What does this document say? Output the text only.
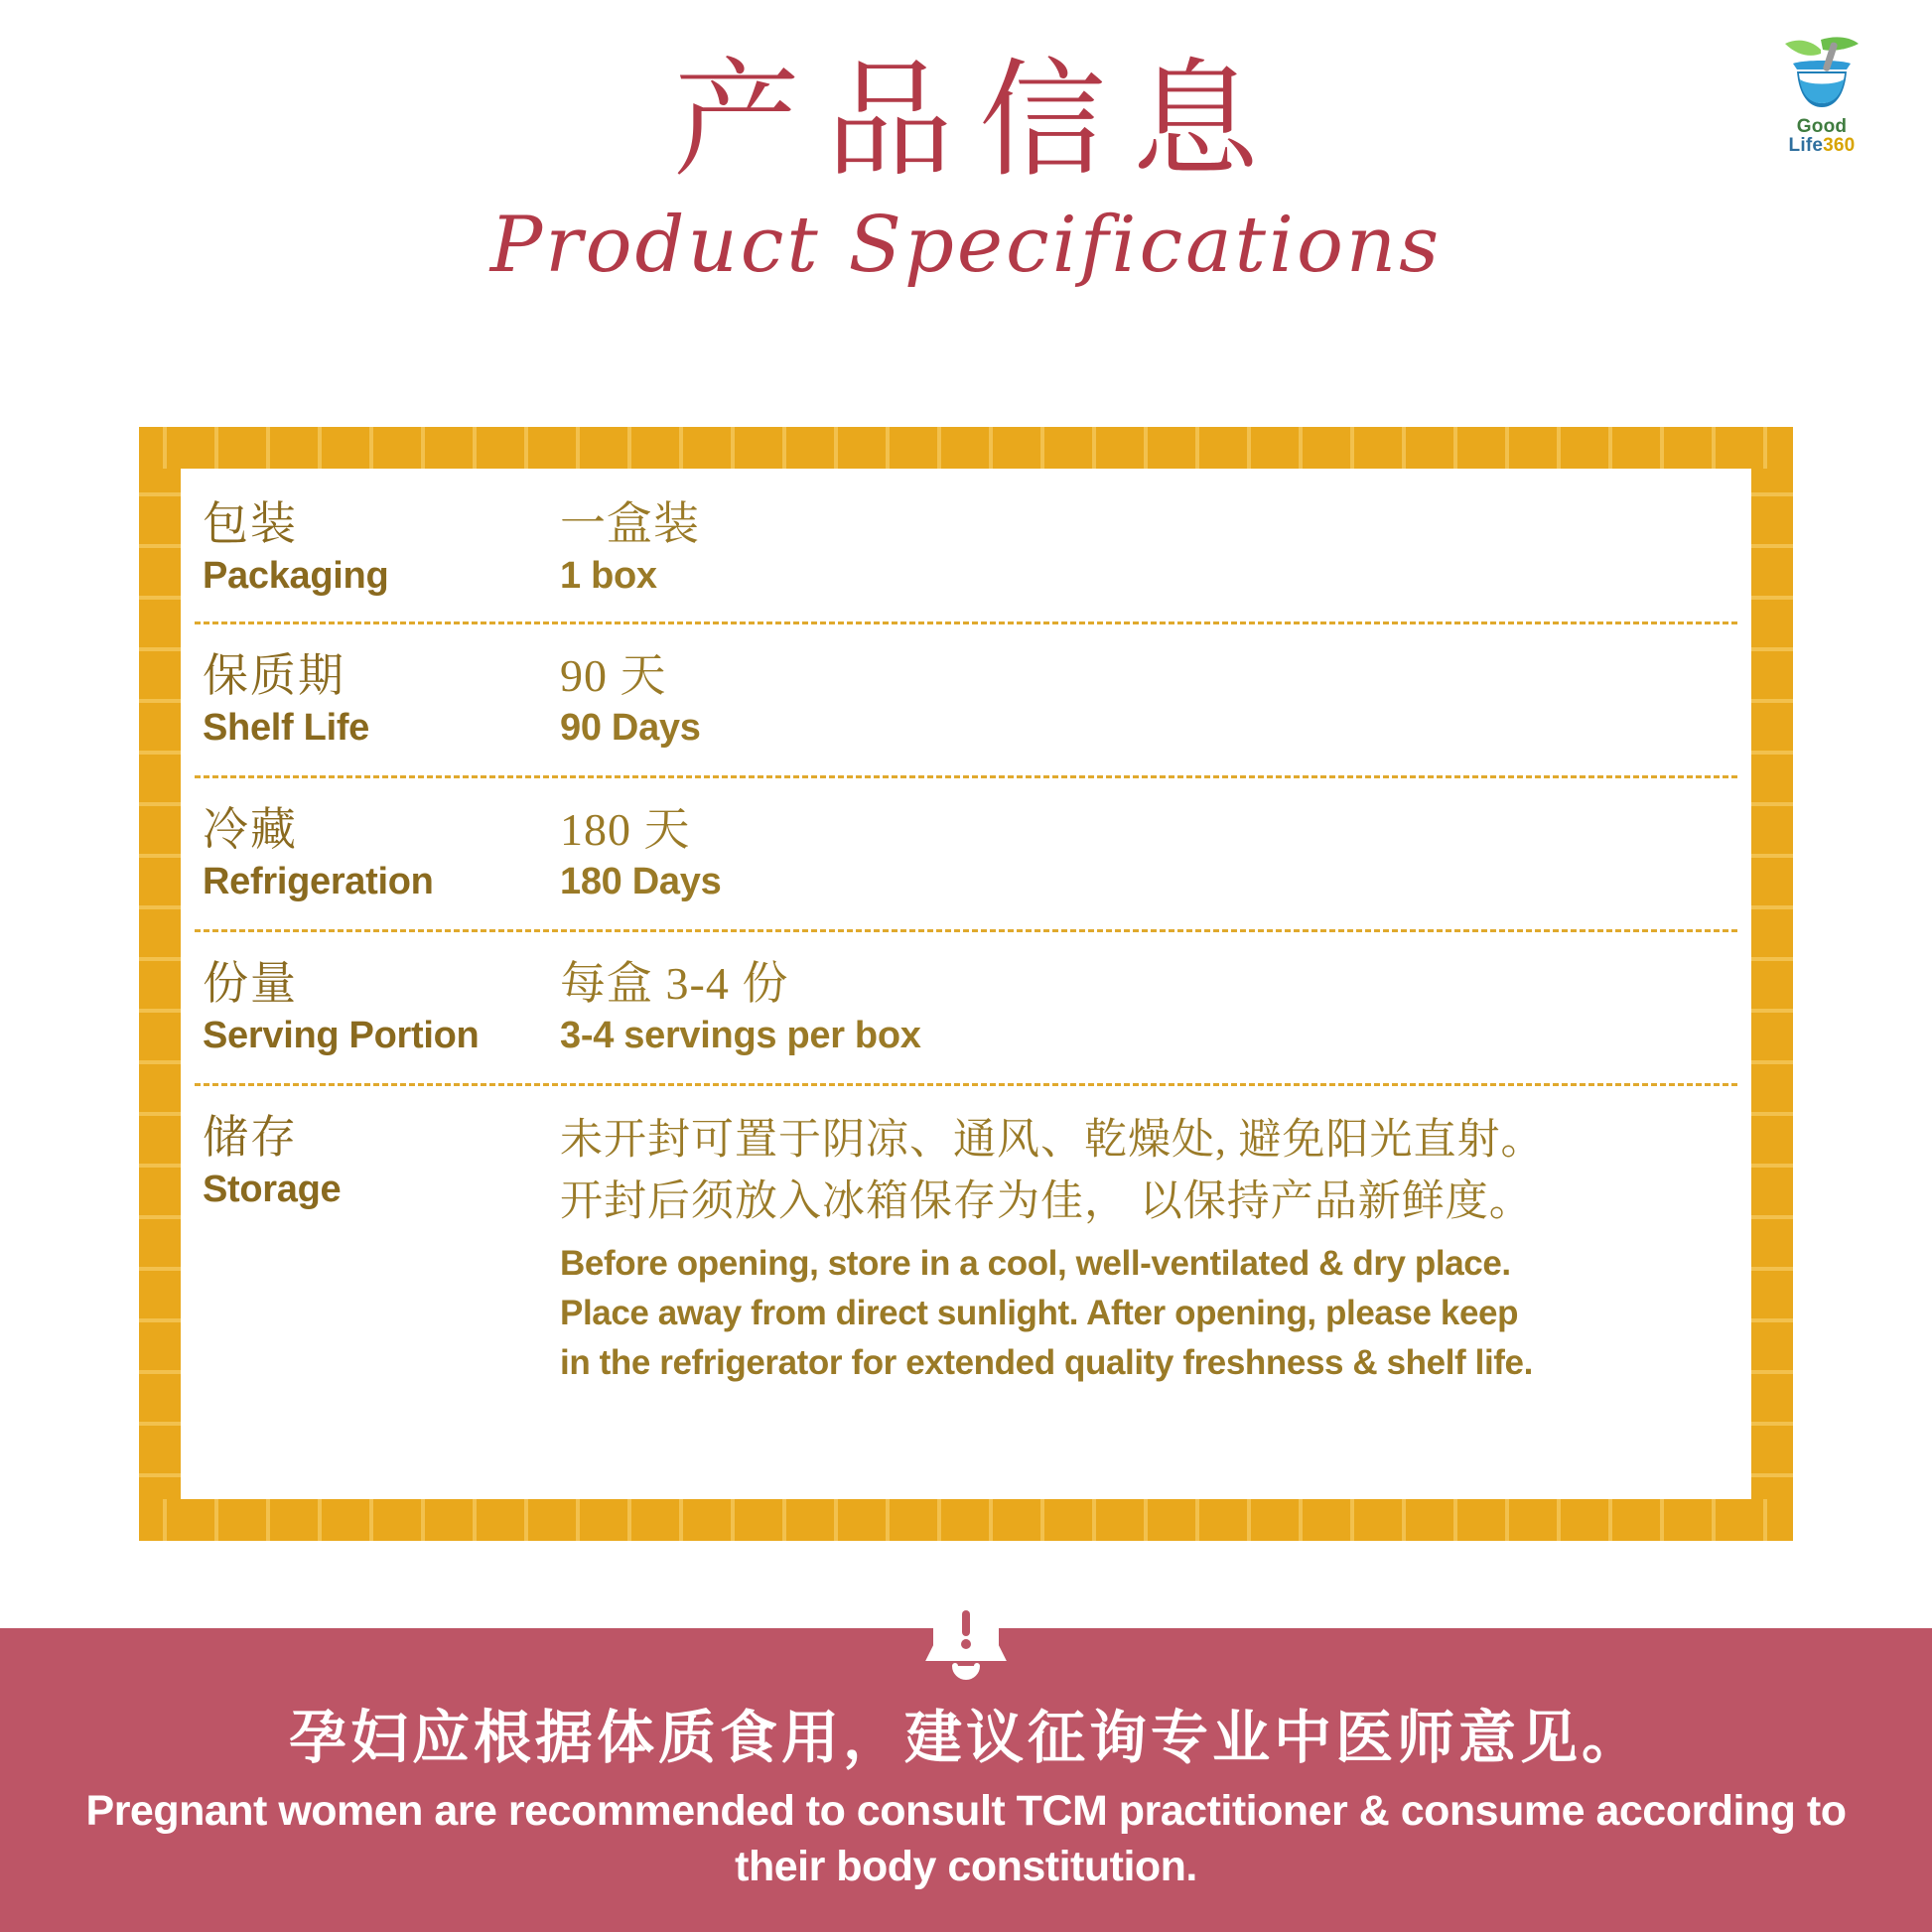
Good
Life360
产品信息
Product Specifications
包装
Packaging
一盒装
1 box
保质期
Shelf Life
90 天
90 Days
冷藏
Refrigeration
180 天
180 Days
份量
Serving Portion
每盒 3-4 份
3-4 servings per box
储存
Storage
未开封可置于阴凉、通风、乾燥处, 避免阳光直射。
开封后须放入冰箱保存为佳， 以保持产品新鲜度。
Before opening, store in a cool, well-ventilated & dry place.
Place away from direct sunlight. After opening, please keep
in the refrigerator for extended quality freshness & shelf life.
孕妇应根据体质食用，建议征询专业中医师意见。
Pregnant women are recommended to consult TCM practitioner & consume according to
their body constitution.
